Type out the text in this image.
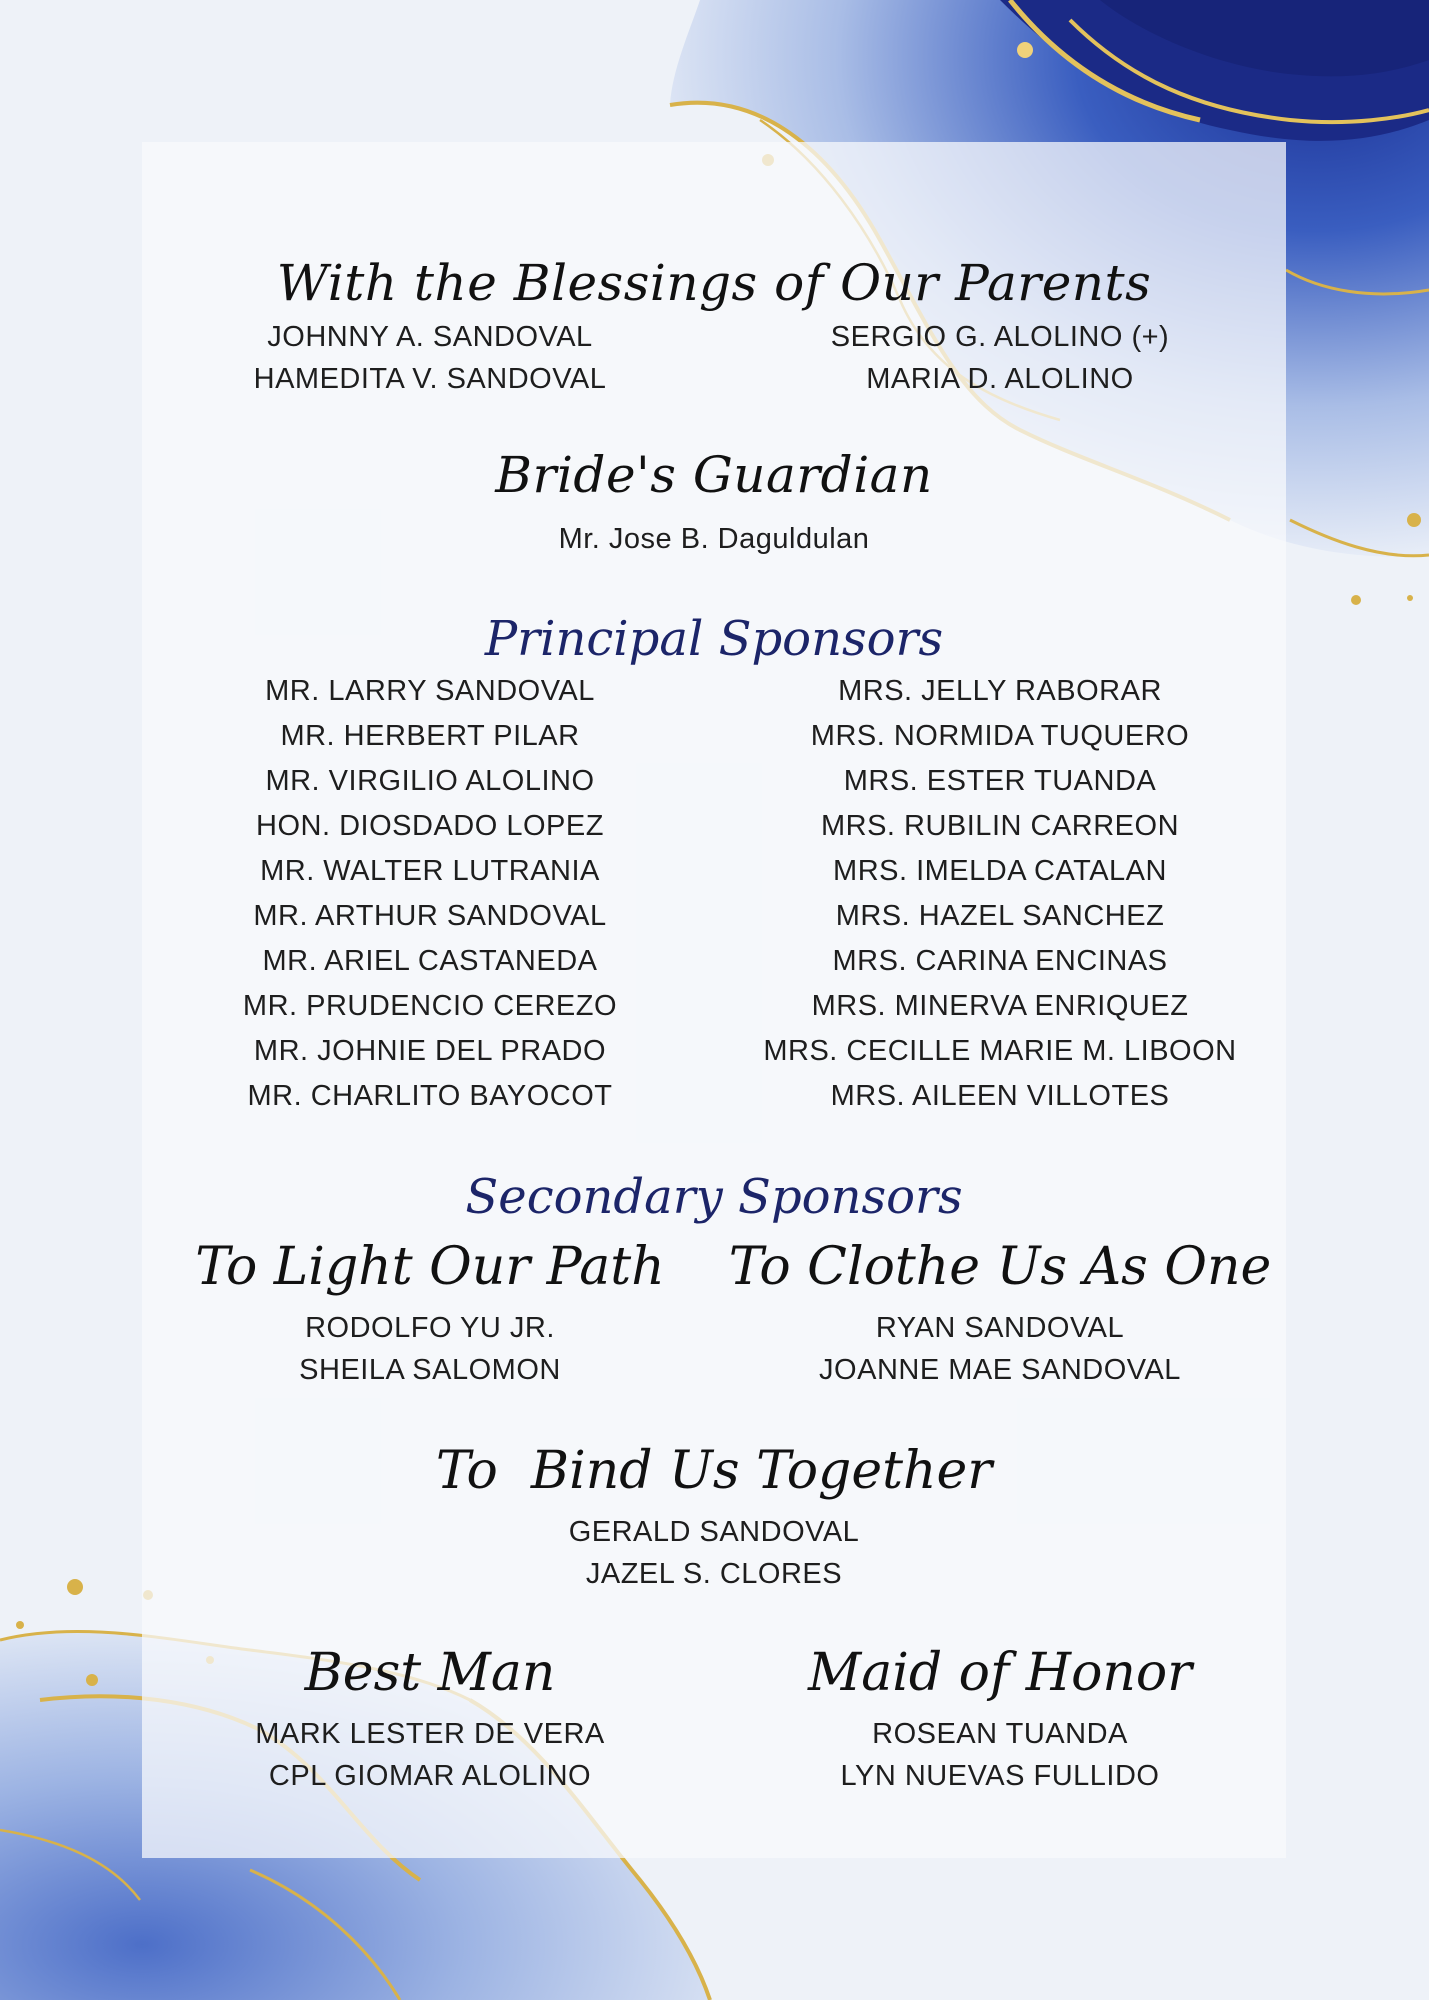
With the Blessings of Our Parents
JOHNNY A. SANDOVAL
HAMEDITA V. SANDOVAL
SERGIO G. ALOLINO (+)
MARIA D. ALOLINO
Bride's Guardian
Mr. Jose B. Daguldulan
Principal Sponsors
MR. LARRY SANDOVAL
MR. HERBERT PILAR
MR. VIRGILIO ALOLINO
HON. DIOSDADO LOPEZ
MR. WALTER LUTRANIA
MR. ARTHUR SANDOVAL
MR. ARIEL CASTANEDA
MR. PRUDENCIO CEREZO
MR. JOHNIE DEL PRADO
MR. CHARLITO BAYOCOT
MRS. JELLY RABORAR
MRS. NORMIDA TUQUERO
MRS. ESTER TUANDA
MRS. RUBILIN CARREON
MRS. IMELDA CATALAN
MRS. HAZEL SANCHEZ
MRS. CARINA ENCINAS
MRS. MINERVA ENRIQUEZ
MRS. CECILLE MARIE M. LIBOON
MRS. AILEEN VILLOTES
Secondary Sponsors
To Light Our Path
RODOLFO YU JR.
SHEILA SALOMON
To Clothe Us As One
RYAN SANDOVAL
JOANNE MAE SANDOVAL
To  Bind Us Together
GERALD SANDOVAL
JAZEL S. CLORES
Best Man
MARK LESTER DE VERA
CPL GIOMAR ALOLINO
Maid of Honor
ROSEAN TUANDA
LYN NUEVAS FULLIDO
